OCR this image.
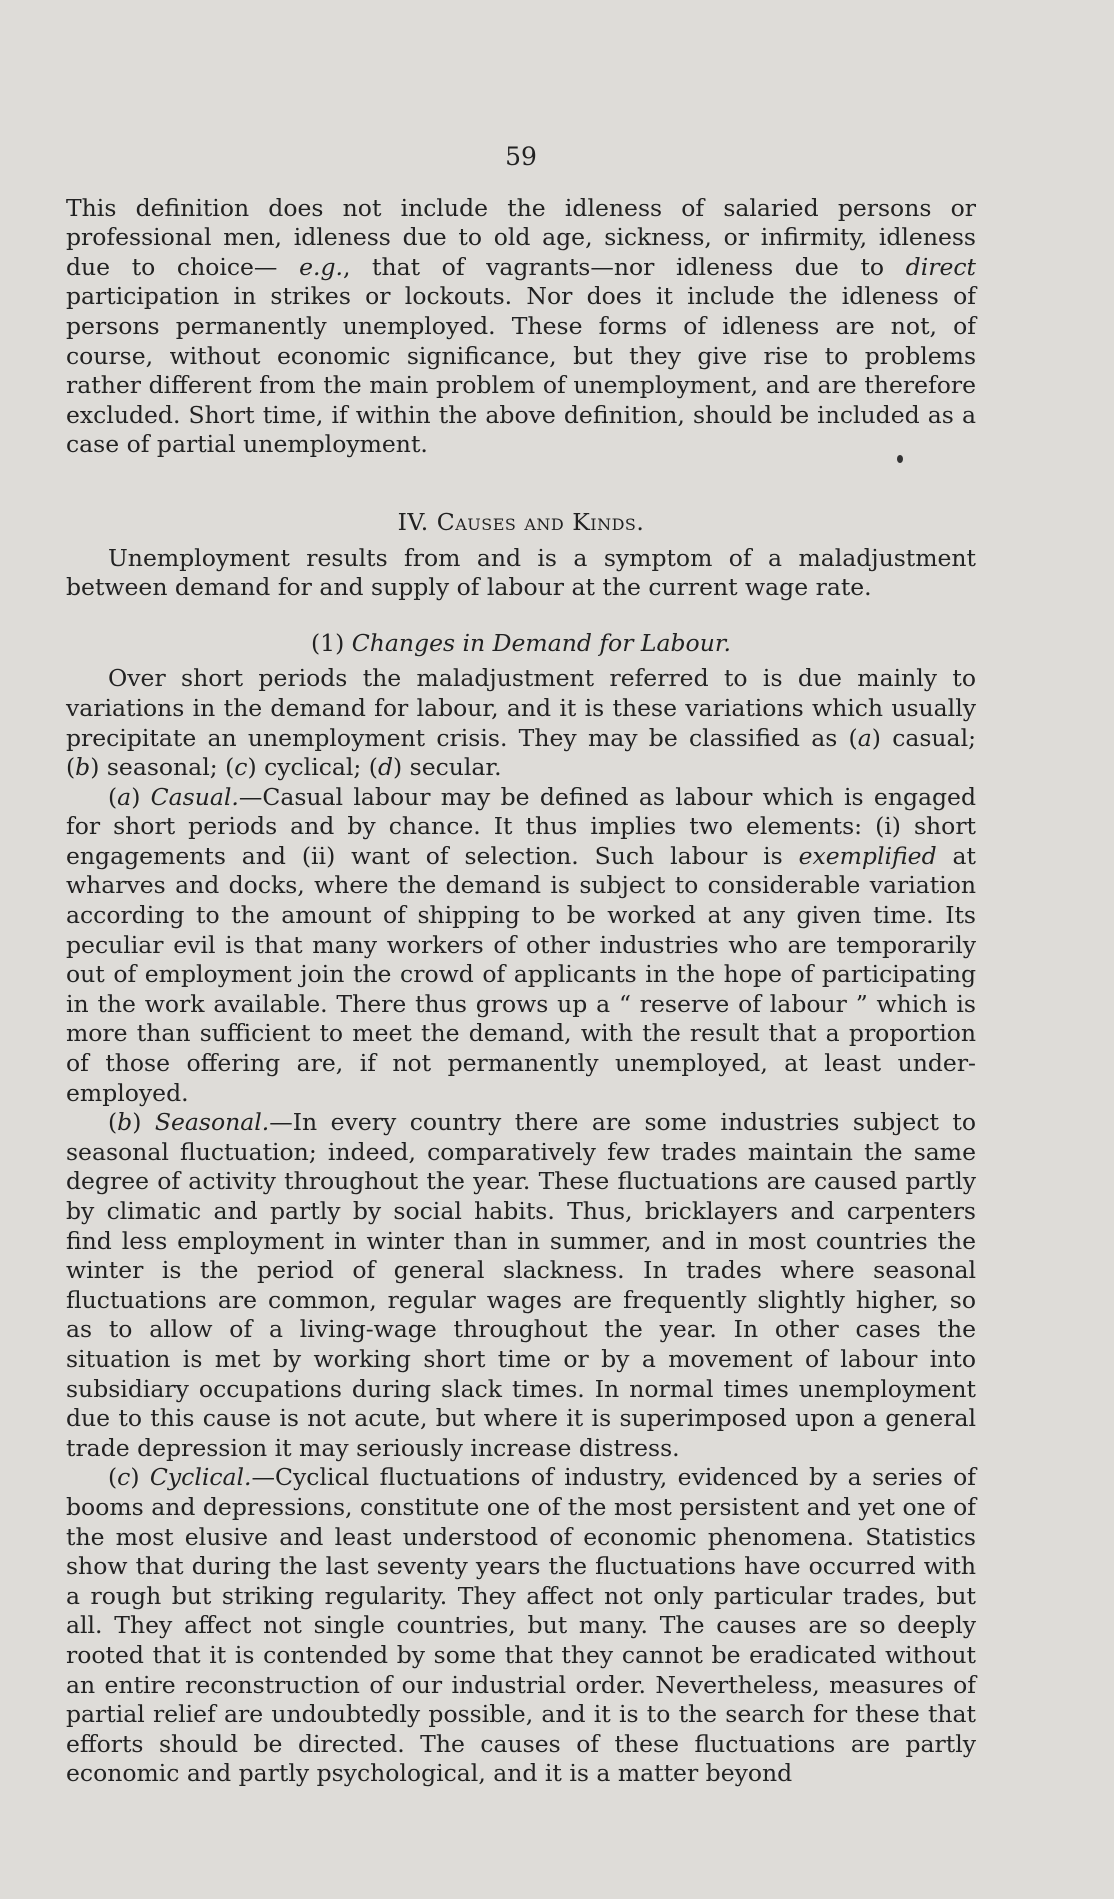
59

This definition does not include the idleness of salaried persons or professional men, idleness due to old age, sickness, or infirmity, idleness due to choice— e.g., that of vagrants—nor idleness due to direct participation in strikes or lockouts. Nor does it include the idleness of persons permanently unemployed. These forms of idleness are not, of course, without economic significance, but they give rise to problems rather different from the main problem of unemployment, and are therefore excluded. Short time, if within the above definition, should be included as a case of partial unemployment.

IV. Causes and Kinds.

Unemployment results from and is a symptom of a maladjustment between demand for and supply of labour at the current wage rate.

(1) Changes in Demand for Labour.

Over short periods the maladjustment referred to is due mainly to variations in the demand for labour, and it is these variations which usually precipitate an unemployment crisis. They may be classified as (a) casual; (b) seasonal; (c) cyclical; (d) secular.

(a) Casual.—Casual labour may be defined as labour which is engaged for short periods and by chance. It thus implies two elements: (i) short engagements and (ii) want of selection. Such labour is exemplified at wharves and docks, where the demand is subject to considerable variation according to the amount of shipping to be worked at any given time. Its peculiar evil is that many workers of other industries who are temporarily out of employment join the crowd of applicants in the hope of participating in the work available. There thus grows up a “ reserve of labour ” which is more than sufficient to meet the demand, with the result that a proportion of those offering are, if not permanently unemployed, at least under-employed.

(b) Seasonal.—In every country there are some industries subject to seasonal fluctuation; indeed, comparatively few trades maintain the same degree of activity throughout the year. These fluctuations are caused partly by climatic and partly by social habits. Thus, bricklayers and carpenters find less employment in winter than in summer, and in most countries the winter is the period of general slackness. In trades where seasonal fluctuations are common, regular wages are frequently slightly higher, so as to allow of a living-wage throughout the year. In other cases the situation is met by working short time or by a movement of labour into subsidiary occupations during slack times. In normal times unemployment due to this cause is not acute, but where it is superimposed upon a general trade depression it may seriously increase distress.

(c) Cyclical.—Cyclical fluctuations of industry, evidenced by a series of booms and depressions, constitute one of the most persistent and yet one of the most elusive and least understood of economic phenomena. Statistics show that during the last seventy years the fluctuations have occurred with a rough but striking regularity. They affect not only particular trades, but all. They affect not single countries, but many. The causes are so deeply rooted that it is contended by some that they cannot be eradicated without an entire reconstruction of our industrial order. Nevertheless, measures of partial relief are undoubtedly possible, and it is to the search for these that efforts should be directed. The causes of these fluctuations are partly economic and partly psychological, and it is a matter beyond
